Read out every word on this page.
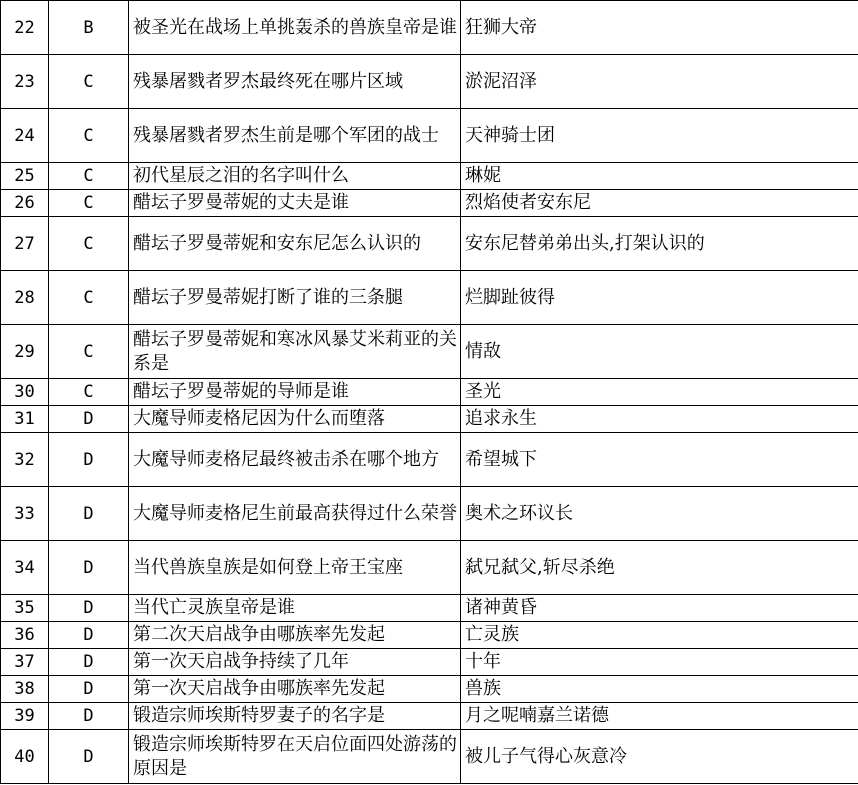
22	B	被圣光在战场上单挑轰杀的兽族皇帝是谁	狂狮大帝
23	C	残暴屠戮者罗杰最终死在哪片区域	淤泥沼泽
24	C	残暴屠戮者罗杰生前是哪个军团的战士	天神骑士团
25	C	初代星辰之泪的名字叫什么	琳妮
26	C	醋坛子罗曼蒂妮的丈夫是谁	烈焰使者安东尼
27	C	醋坛子罗曼蒂妮和安东尼怎么认识的	安东尼替弟弟出头,打架认识的
28	C	醋坛子罗曼蒂妮打断了谁的三条腿	烂脚趾彼得
29	C	醋坛子罗曼蒂妮和寒冰风暴艾米莉亚的关系是	情敌
30	C	醋坛子罗曼蒂妮的导师是谁	圣光
31	D	大魔导师麦格尼因为什么而堕落	追求永生
32	D	大魔导师麦格尼最终被击杀在哪个地方	希望城下
33	D	大魔导师麦格尼生前最高获得过什么荣誉	奥术之环议长
34	D	当代兽族皇族是如何登上帝王宝座	弑兄弑父,斩尽杀绝
35	D	当代亡灵族皇帝是谁	诸神黄昏
36	D	第二次天启战争由哪族率先发起	亡灵族
37	D	第一次天启战争持续了几年	十年
38	D	第一次天启战争由哪族率先发起	兽族
39	D	锻造宗师埃斯特罗妻子的名字是	月之呢喃嘉兰诺德
40	D	锻造宗师埃斯特罗在天启位面四处游荡的原因是	被儿子气得心灰意冷
